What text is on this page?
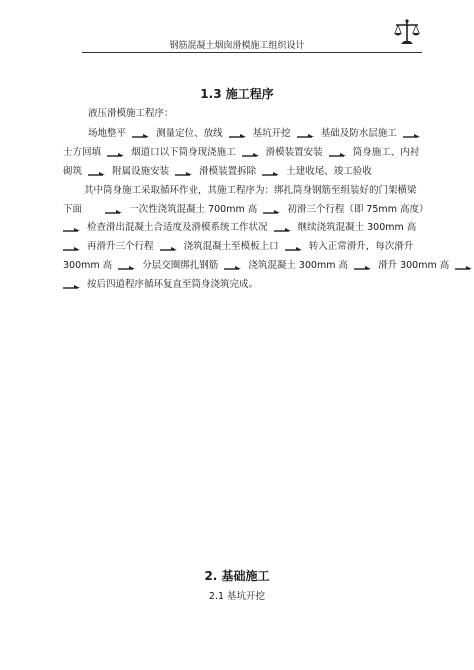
钢筋混凝土烟囱滑模施工组织设计
1.3 施工程序
液压滑模施工程序：
场地整平	测量定位、放线	基坑开挖	基础及防水层施工
士方回填	烟道口以下筒身现浇施工	滑模装置安装	筒身施工、内衬
砌筑	附属设施安装	滑模装置拆除	土建收尾、竣工验收
其中筒身施工采取循环作业，其施工程序为：绑扎筒身钢筋至组装好的门架横梁
下面	一次性浇筑混凝土 700mm 高	初滑三个行程（即 75mm 高度）
检查滑出混凝土合适度及滑模系统工作状况	继续浇筑混凝土 300mm 高
再滑升三个行程	浇筑混凝土至模板上口	转入正常滑升，每次滑升
300mm 高	分层交圈绑扎钢筋	浇筑混凝土 300mm 高	滑升 300mm 高
按后四道程序循环复直至筒身浇筑完成。
2. 基础施工
2.1 基坑开挖
